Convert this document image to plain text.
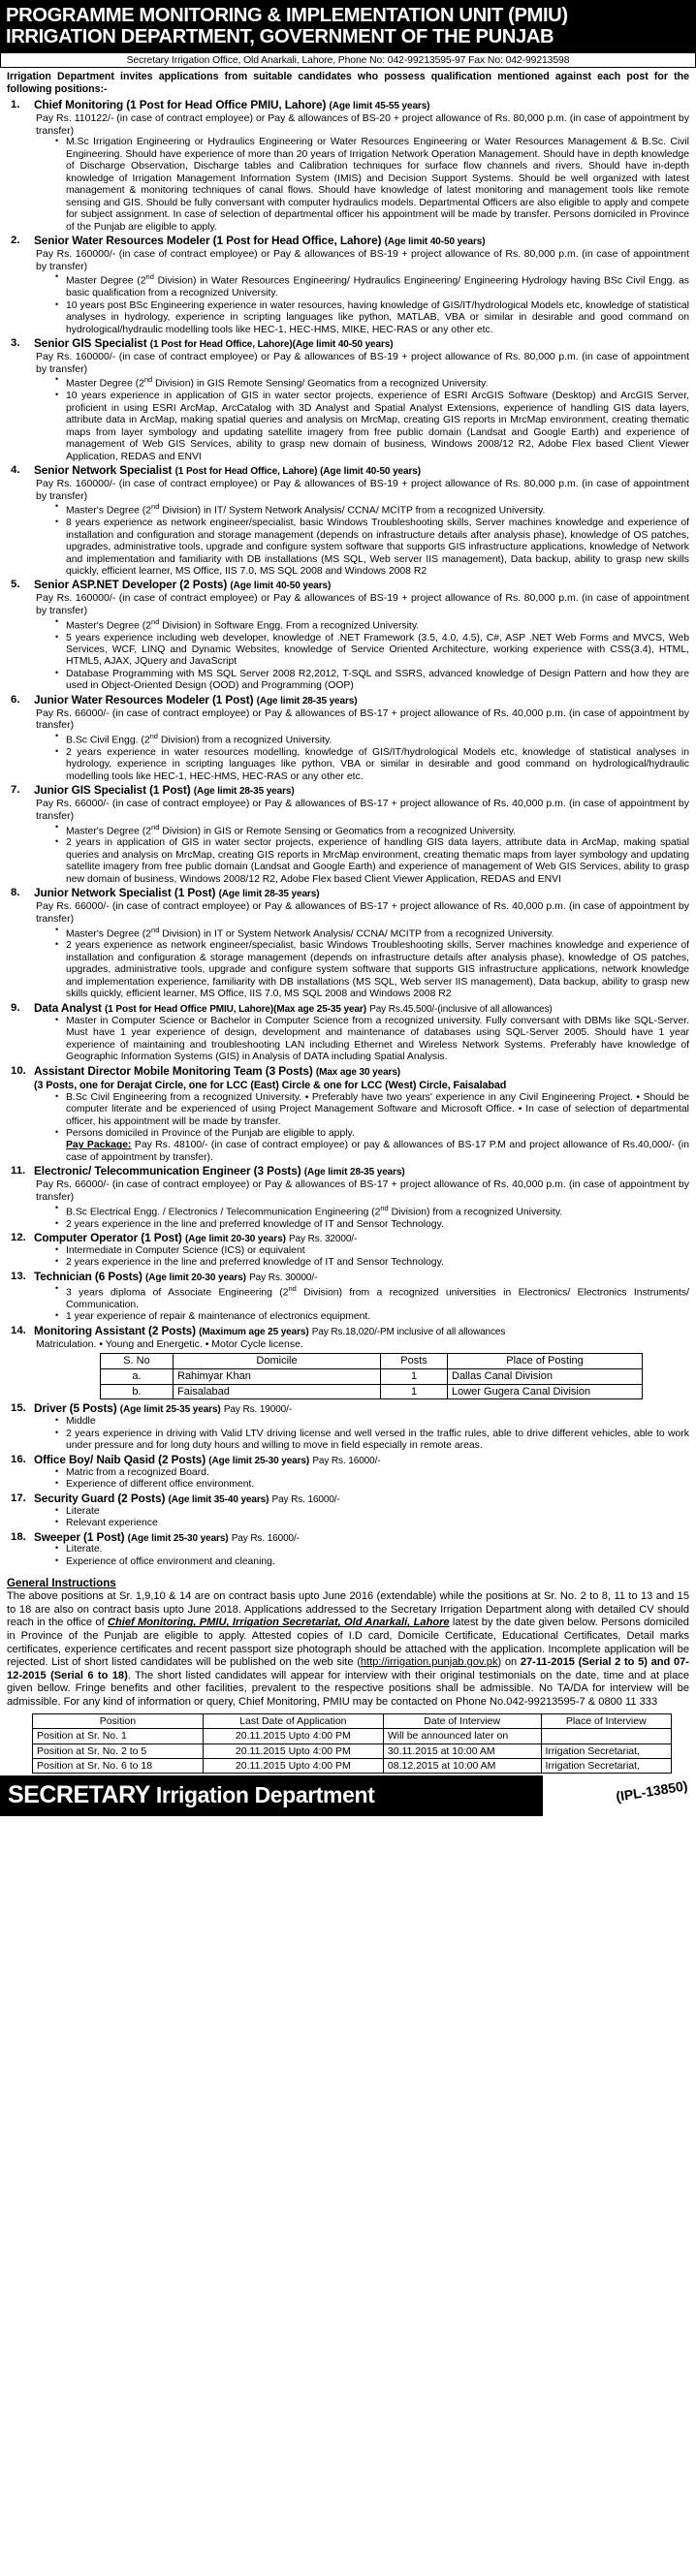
PROGRAMME MONITORING & IMPLEMENTATION UNIT (PMIU)
IRRIGATION DEPARTMENT, GOVERNMENT OF THE PUNJAB
Secretary Irrigation Office, Old Anarkali, Lahore, Phone No: 042-99213595-97 Fax No: 042-99213598
Irrigation Department invites applications from suitable candidates who possess qualification mentioned against each post for the following positions:-
1.	Chief Monitoring (1 Post for Head Office PMIU, Lahore) (Age limit 45-55 years)
Pay Rs. 110122/- (in case of contract employee) or Pay & allowances of BS-20 + project allowance of Rs. 80,000 p.m. (in case of appointment by transfer)
• M.Sc Irrigation Engineering or Hydraulics Engineering or Water Resources Engineering or Water Resources Management & B.Sc. Civil Engineering. Should have experience of more than 20 years of Irrigation Network Operation Management. Should have in depth knowledge of Discharge Observation, Discharge tables and Calibration techniques for surface flow channels and rivers. Should have in-depth knowledge of Irrigation Management Information System (IMIS) and Decision Support Systems. Should be well organized with latest management & monitoring techniques of canal flows. Should have knowledge of latest monitoring and management tools like remote sensing and GIS. Should be fully conversant with computer hydraulics models. Departmental Officers are also eligible to apply and compete for subject assignment. In case of selection of departmental officer his appointment will be made by transfer. Persons domiciled in Province of the Punjab are eligible to apply.
2.	Senior Water Resources Modeler (1 Post for Head Office, Lahore) (Age limit 40-50 years)
Pay Rs. 160000/- (in case of contract employee) or Pay & allowances of BS-19 + project allowance of Rs. 80,000 p.m. (in case of appointment by transfer)
• Master Degree (2nd Division) in Water Resources Engineering/ Hydraulics Engineering/ Engineering Hydrology having BSc Civil Engg. as basic qualification from a recognized University.
• 10 years post BSc Engineering experience in water resources, having knowledge of GIS/IT/hydrological Models etc, knowledge of statistical analyses in hydrology, experience in scripting languages like python, MATLAB, VBA or similar in desirable and good command on hydrological/hydraulic modelling tools like HEC-1, HEC-HMS, MIKE, HEC-RAS or any other etc.
3.	Senior GIS Specialist (1 Post for Head Office, Lahore)(Age limit 40-50 years)
Pay Rs. 160000/- (in case of contract employee) or Pay & allowances of BS-19 + project allowance of Rs. 80,000 p.m. (in case of appointment by transfer)
• Master Degree (2nd Division) in GIS Remote Sensing/ Geomatics from a recognized University.
• 10 years experience in application of GIS in water sector projects, experience of ESRI ArcGIS Software (Desktop) and ArcGIS Server, proficient in using ESRI ArcMap, ArcCatalog with 3D Analyst and Spatial Analyst Extensions, experience of handling GIS data layers, attribute data in ArcMap, making spatial queries and analysis on MrcMap, creating GIS reports in MrcMap environment, creating thematic maps from layer symbology and updating satellite imagery from free public domain (Landsat and Google Earth) and experience of management of Web GIS Services, ability to grasp new domain of business, Windows 2008/12 R2, Adobe Flex based Client Viewer Application, REDAS and ENVI
4.	Senior Network Specialist (1 Post for Head Office, Lahore) (Age limit 40-50 years)
Pay Rs. 160000/- (in case of contract employee) or Pay & allowances of BS-19 + project allowance of Rs. 80,000 p.m. (in case of appointment by transfer)
• Master's Degree (2nd Division) in IT/ System Network Analysis/ CCNA/ MCITP from a recognized University.
• 8 years experience as network engineer/specialist, basic Windows Troubleshooting skills, Server machines knowledge and experience of installation and configuration and storage management (depends on infrastructure details after analysis phase), knowledge of OS patches, upgrades, administrative tools, upgrade and configure system software that supports GIS infrastructure applications, knowledge of Network and implementation and familiarity with DB installations (MS SQL, Web server IIS management), Data backup, ability to grasp new skills quickly, efficient learner, MS Office, IIS 7.0, MS SQL 2008 and Windows 2008 R2
5.	Senior ASP.NET Developer (2 Posts) (Age limit 40-50 years)
Pay Rs. 160000/- (in case of contract employee) or Pay & allowances of BS-19 + project allowance of Rs. 80,000 p.m. (in case of appointment by transfer)
• Master's Degree (2nd Division) in Software Engg. From a recognized University.
• 5 years experience including web developer, knowledge of .NET Framework (3.5, 4.0, 4.5), C#, ASP .NET Web Forms and MVCS, Web Services, WCF, LINQ and Dynamic Websites, knowledge of Service Oriented Architecture, working experience with CSS(3.4), HTML, HTML5, AJAX, JQuery and JavaScript
• Database Programming with MS SQL Server 2008 R2,2012, T-SQL and SSRS, advanced knowledge of Design Pattern and how they are used in Object-Oriented Design (OOD) and Programming (OOP)
6.	Junior Water Resources Modeler (1 Post) (Age limit 28-35 years)
Pay Rs. 66000/- (in case of contract employee) or Pay & allowances of BS-17 + project allowance of Rs. 40,000 p.m. (in case of appointment by transfer)
• B.Sc Civil Engg. (2nd Division) from a recognized University.
• 2 years experience in water resources modelling, knowledge of GIS/IT/hydrological Models etc, knowledge of statistical analyses in hydrology, experience in scripting languages like python, VBA or similar in desirable and good command on hydrological/hydraulic modelling tools like HEC-1, HEC-HMS, HEC-RAS or any other etc.
7.	Junior GIS Specialist (1 Post) (Age limit 28-35 years)
Pay Rs. 66000/- (in case of contract employee) or Pay & allowances of BS-17 + project allowance of Rs. 40,000 p.m. (in case of appointment by transfer)
• Master's Degree (2nd Division) in GIS or Remote Sensing or Geomatics from a recognized University.
• 2 years in application of GIS in water sector projects, experience of handling GIS data layers, attribute data in ArcMap, making spatial queries and analysis on MrcMap, creating GIS reports in MrcMap environment, creating thematic maps from layer symbology and updating satellite imagery from free public domain (Landsat and Google Earth) and experience of management of Web GIS Services, ability to grasp new domain of business, Windows 2008/12 R2, Adobe Flex based Client Viewer Application, REDAS and ENVI
8.	Junior Network Specialist (1 Post) (Age limit 28-35 years)
Pay Rs. 66000/- (in case of contract employee) or Pay & allowances of BS-17 + project allowance of Rs. 40,000 p.m. (in case of appointment by transfer)
• Master's Degree (2nd Division) in IT or System Network Analysis/ CCNA/ MCITP from a recognized University.
• 2 years experience as network engineer/specialist, basic Windows Troubleshooting skills, Server machines knowledge and experience of installation and configuration & storage management (depends on infrastructure details after analysis phase), knowledge of OS patches, upgrades, administrative tools, upgrade and configure system software that supports GIS infrastructure applications, network knowledge and implementation experience, familiarity with DB installations (MS SQL, Web server IIS management), Data backup, ability to grasp new skills quickly, efficient learner, MS Office, IIS 7.0, MS SQL 2008 and Windows 2008 R2
9.	Data Analyst (1 Post for Head Office PMIU, Lahore)(Max age 25-35 year) Pay Rs.45,500/-(inclusive of all allowances)
• Master in Computer Science or Bachelor in Computer Science from a recognized university. Fully conversant with DBMs like SQL-Server. Must have 1 year experience of design, development and maintenance of databases using SQL-Server 2005. Should have 1 year experience of maintaining and troubleshooting LAN including Ethernet and Wireless Network Systems. Preferably have knowledge of Geographic Information Systems (GIS) in Analysis of DATA including Spatial Analysis.
10. Assistant Director Mobile Monitoring Team (3 Posts) (Max age 30 years)
(3 Posts, one for Derajat Circle, one for LCC (East) Circle & one for LCC (West) Circle, Faisalabad
• B.Sc Civil Engineering from a recognized University. • Preferably have two years' experience in any Civil Engineering Project. • Should be computer literate and be experienced of using Project Management Software and Microsoft Office. • In case of selection of departmental officer, his appointment will be made by transfer.
• Persons domiciled in Province of the Punjab are eligible to apply.
Pay Package: Pay Rs. 48100/- (in case of contract employee) or pay & allowances of BS-17 P.M and project allowance of Rs.40,000/- (in case of appointment by transfer).
11. Electronic/ Telecommunication Engineer (3 Posts) (Age limit 28-35 years)
Pay Rs. 66000/- (in case of contract employee) or Pay & allowances of BS-17 + project allowance of Rs. 40,000 p.m. (in case of appointment by transfer)
• B.Sc Electrical Engg. / Electronics / Telecommunication Engineering (2nd Division) from a recognized University.
• 2 years experience in the line and preferred knowledge of IT and Sensor Technology.
12. Computer Operator (1 Post) (Age limit 20-30 years) Pay Rs. 32000/-
• Intermediate in Computer Science (ICS) or equivalent
• 2 years experience in the line and preferred knowledge of IT and Sensor Technology.
13. Technician (6 Posts) (Age limit 20-30 years) Pay Rs. 30000/-
• 3 years diploma of Associate Engineering (2nd Division) from a recognized universities in Electronics/ Electronics Instruments/ Communication.
• 1 year experience of repair & maintenance of electronics equipment.
14. Monitoring Assistant (2 Posts) (Maximum age 25 years) Pay Rs.18,020/-PM inclusive of all allowances
Matriculation. • Young and Energetic. • Motor Cycle license.
S. No	Domicile	Posts	Place of Posting
a.	Rahimyar Khan	1	Dallas Canal Division
b.	Faisalabad	1	Lower Gugera Canal Division
15. Driver (5 Posts) (Age limit 25-35 years) Pay Rs. 19000/-
• Middle
• 2 years experience in driving with Valid LTV driving license and well versed in the traffic rules, able to drive different vehicles, able to work under pressure and for long duty hours and willing to move in field especially in remote areas.
16. Office Boy/ Naib Qasid (2 Posts) (Age limit 25-30 years) Pay Rs. 16000/-
• Matric from a recognized Board.
• Experience of different office environment.
17. Security Guard (2 Posts) (Age limit 35-40 years) Pay Rs. 16000/-
• Literate
• Relevant experience
18. Sweeper (1 Post) (Age limit 25-30 years) Pay Rs. 16000/-
• Literate.
• Experience of office environment and cleaning.
General Instructions
The above positions at Sr. 1,9,10 & 14 are on contract basis upto June 2016 (extendable) while the positions at Sr. No. 2 to 8, 11 to 13 and 15 to 18 are also on contract basis upto June 2018. Applications addressed to the Secretary Irrigation Department along with detailed CV should reach in the office of Chief Monitoring, PMIU, Irrigation Secretariat, Old Anarkali, Lahore latest by the date given below. Persons domiciled in Province of the Punjab are eligible to apply. Attested copies of I.D card, Domicile Certificate, Educational Certificates, Detail marks certificates, experience certificates and recent passport size photograph should be attached with the application. Incomplete application will be rejected. List of short listed candidates will be published on the web site (http://irrigation.punjab.gov.pk) on 27-11-2015 (Serial 2 to 5) and 07-12-2015 (Serial 6 to 18). The short listed candidates will appear for interview with their original testimonials on the date, time and at place given bellow. Fringe benefits and other facilities, prevalent to the respective positions shall be admissible. No TA/DA for interview will be admissible. For any kind of information or query, Chief Monitoring, PMIU may be contacted on Phone No.042-99213595-7 & 0800 11 333
Position	Last Date of Application	Date of Interview	Place of Interview
Position at Sr. No. 1	20.11.2015 Upto 4:00 PM	Will be announced later on	
Position at Sr. No. 2 to 5	20.11.2015 Upto 4:00 PM	30.11.2015 at 10:00 AM	Irrigation Secretariat,
Position at Sr. No. 6 to 18	20.11.2015 Upto 4:00 PM	08.12.2015 at 10:00 AM	Irrigation Secretariat,
SECRETARY Irrigation Department	(IPL-13850)
